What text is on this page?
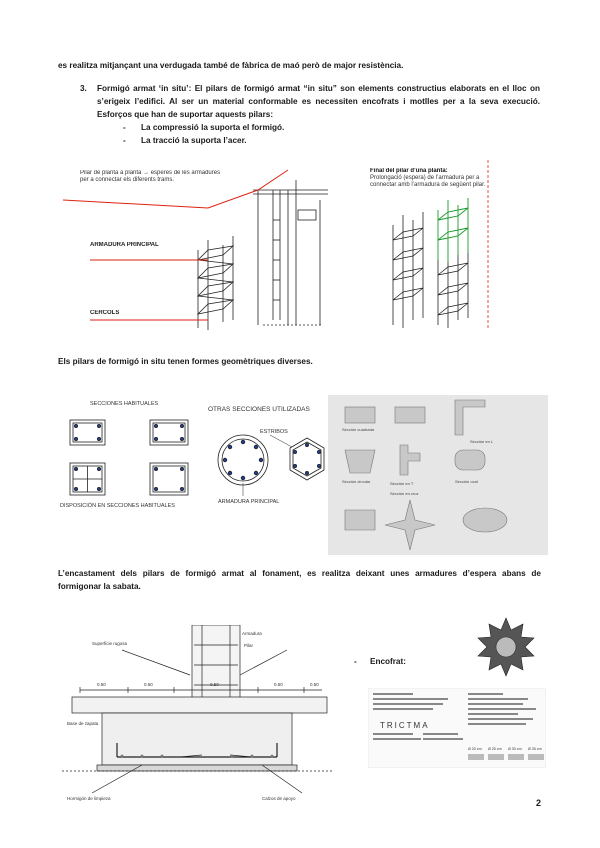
es realitza mitjançant una verdugada també de fàbrica de maó però de major resistència.
3. Formigó armat ‘in situ’: El pilars de formigó armat “in situ” son elements constructius elaborats en el lloc on
s’erigeix l’edifici. Al ser un material conformable es necessiten encofrats i motlles per a la seva execució.
Esforços que han de suportar aquests pilars:
- La compressió la suporta el formigó.
- La tracció la suporta l’acer.
Pilar de planta a planta → esperes de les armadures per a connectar els diferents trams.
ARMADURA PRINCIPAL
CÈRCOLS
Final del pilar d’una planta:
Prolongació (espera) de l’armadura per a connectar amb l’armadura de següent pilar.
Els pilars de formigó in situ tenen formes geomètriques diverses.
SECCIONES HABITUALES
DISPOSICIÓN EN SECCIONES HABITUALES
OTRAS SECCIONES UTILIZADAS
ESTRIBOS
ARMADURA PRINCIPAL
Sección cuadrada
Sección en L
Sección en T
Sección en cruz
Sección circular	Sección oval
L’encastament dels pilars de formigó armat al fonament, es realitza deixant unes armadures d’espera abans de
formigonar la sabata.
Armadura
Pilar
Superficie rugosa
Base de zapata
Hormigón de limpieza	Calzos de apoyo
0.50	0.50	0.50	0.50	0.50
- Encofrat:
TRICTMA
Ø 20 cm Ø 25 cm Ø 30 cm Ø 35 cm
2
